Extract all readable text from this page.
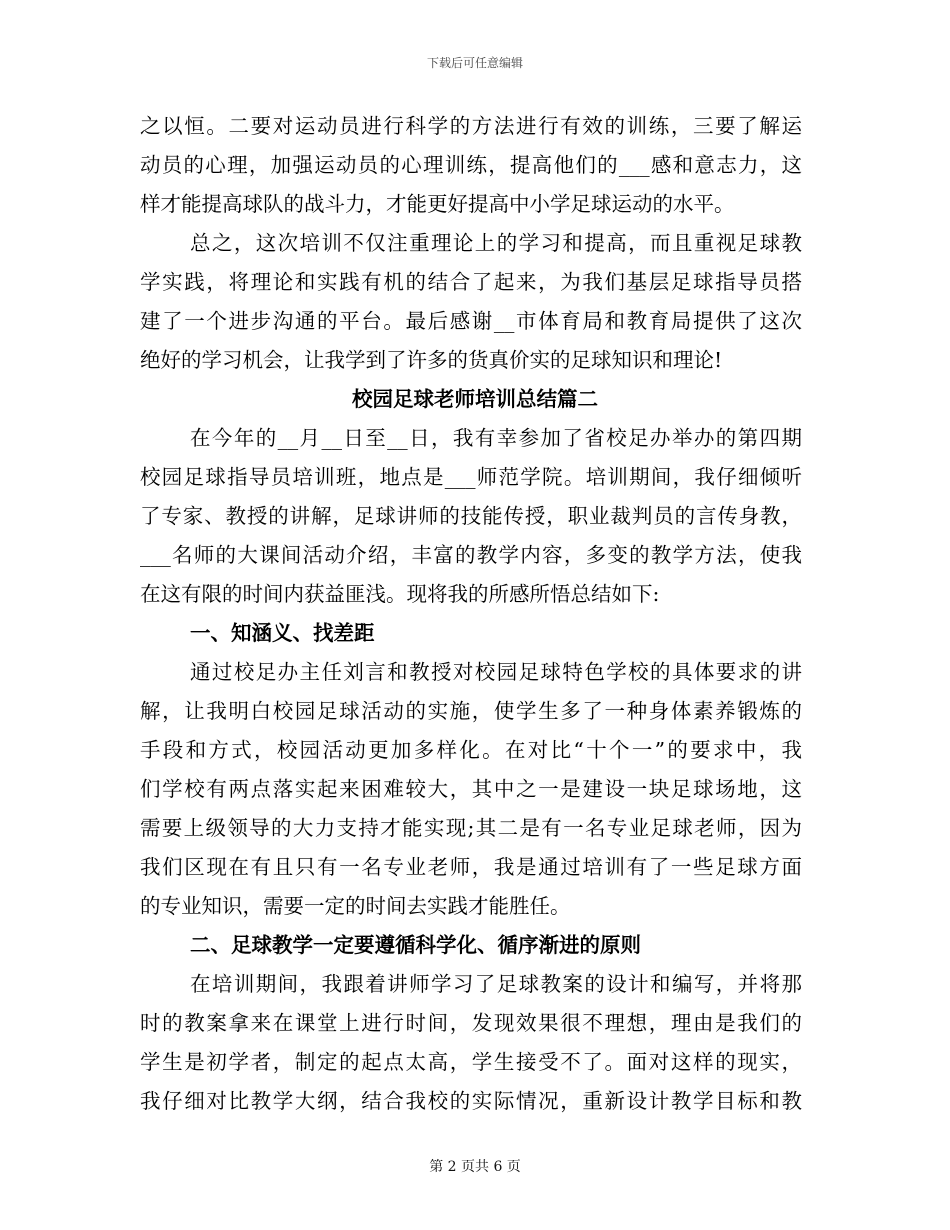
下载后可任意编辑
之以恒。二要对运动员进行科学的方法进行有效的训练，三要了解运
动员的心理，加强运动员的心理训练，提高他们的___感和意志力，这
样才能提高球队的战斗力，才能更好提高中小学足球运动的水平。
总之，这次培训不仅注重理论上的学习和提高，而且重视足球教
学实践，将理论和实践有机的结合了起来，为我们基层足球指导员搭
建了一个进步沟通的平台。最后感谢__市体育局和教育局提供了这次
绝好的学习机会，让我学到了许多的货真价实的足球知识和理论!
校园足球老师培训总结篇二
在今年的__月__日至__日，我有幸参加了省校足办举办的第四期
校园足球指导员培训班，地点是___师范学院。培训期间，我仔细倾听
了专家、教授的讲解，足球讲师的技能传授，职业裁判员的言传身教，
___名师的大课间活动介绍，丰富的教学内容，多变的教学方法，使我
在这有限的时间内获益匪浅。现将我的所感所悟总结如下:
一、知涵义、找差距
通过校足办主任刘言和教授对校园足球特色学校的具体要求的讲
解，让我明白校园足球活动的实施，使学生多了一种身体素养锻炼的
手段和方式，校园活动更加多样化。在对比“十个一”的要求中，我
们学校有两点落实起来困难较大，其中之一是建设一块足球场地，这
需要上级领导的大力支持才能实现;其二是有一名专业足球老师，因为
我们区现在有且只有一名专业老师，我是通过培训有了一些足球方面
的专业知识，需要一定的时间去实践才能胜任。
二、足球教学一定要遵循科学化、循序渐进的原则
在培训期间，我跟着讲师学习了足球教案的设计和编写，并将那
时的教案拿来在课堂上进行时间，发现效果很不理想，理由是我们的
学生是初学者，制定的起点太高，学生接受不了。面对这样的现实，
我仔细对比教学大纲，结合我校的实际情况，重新设计教学目标和教
第 2 页共 6 页
